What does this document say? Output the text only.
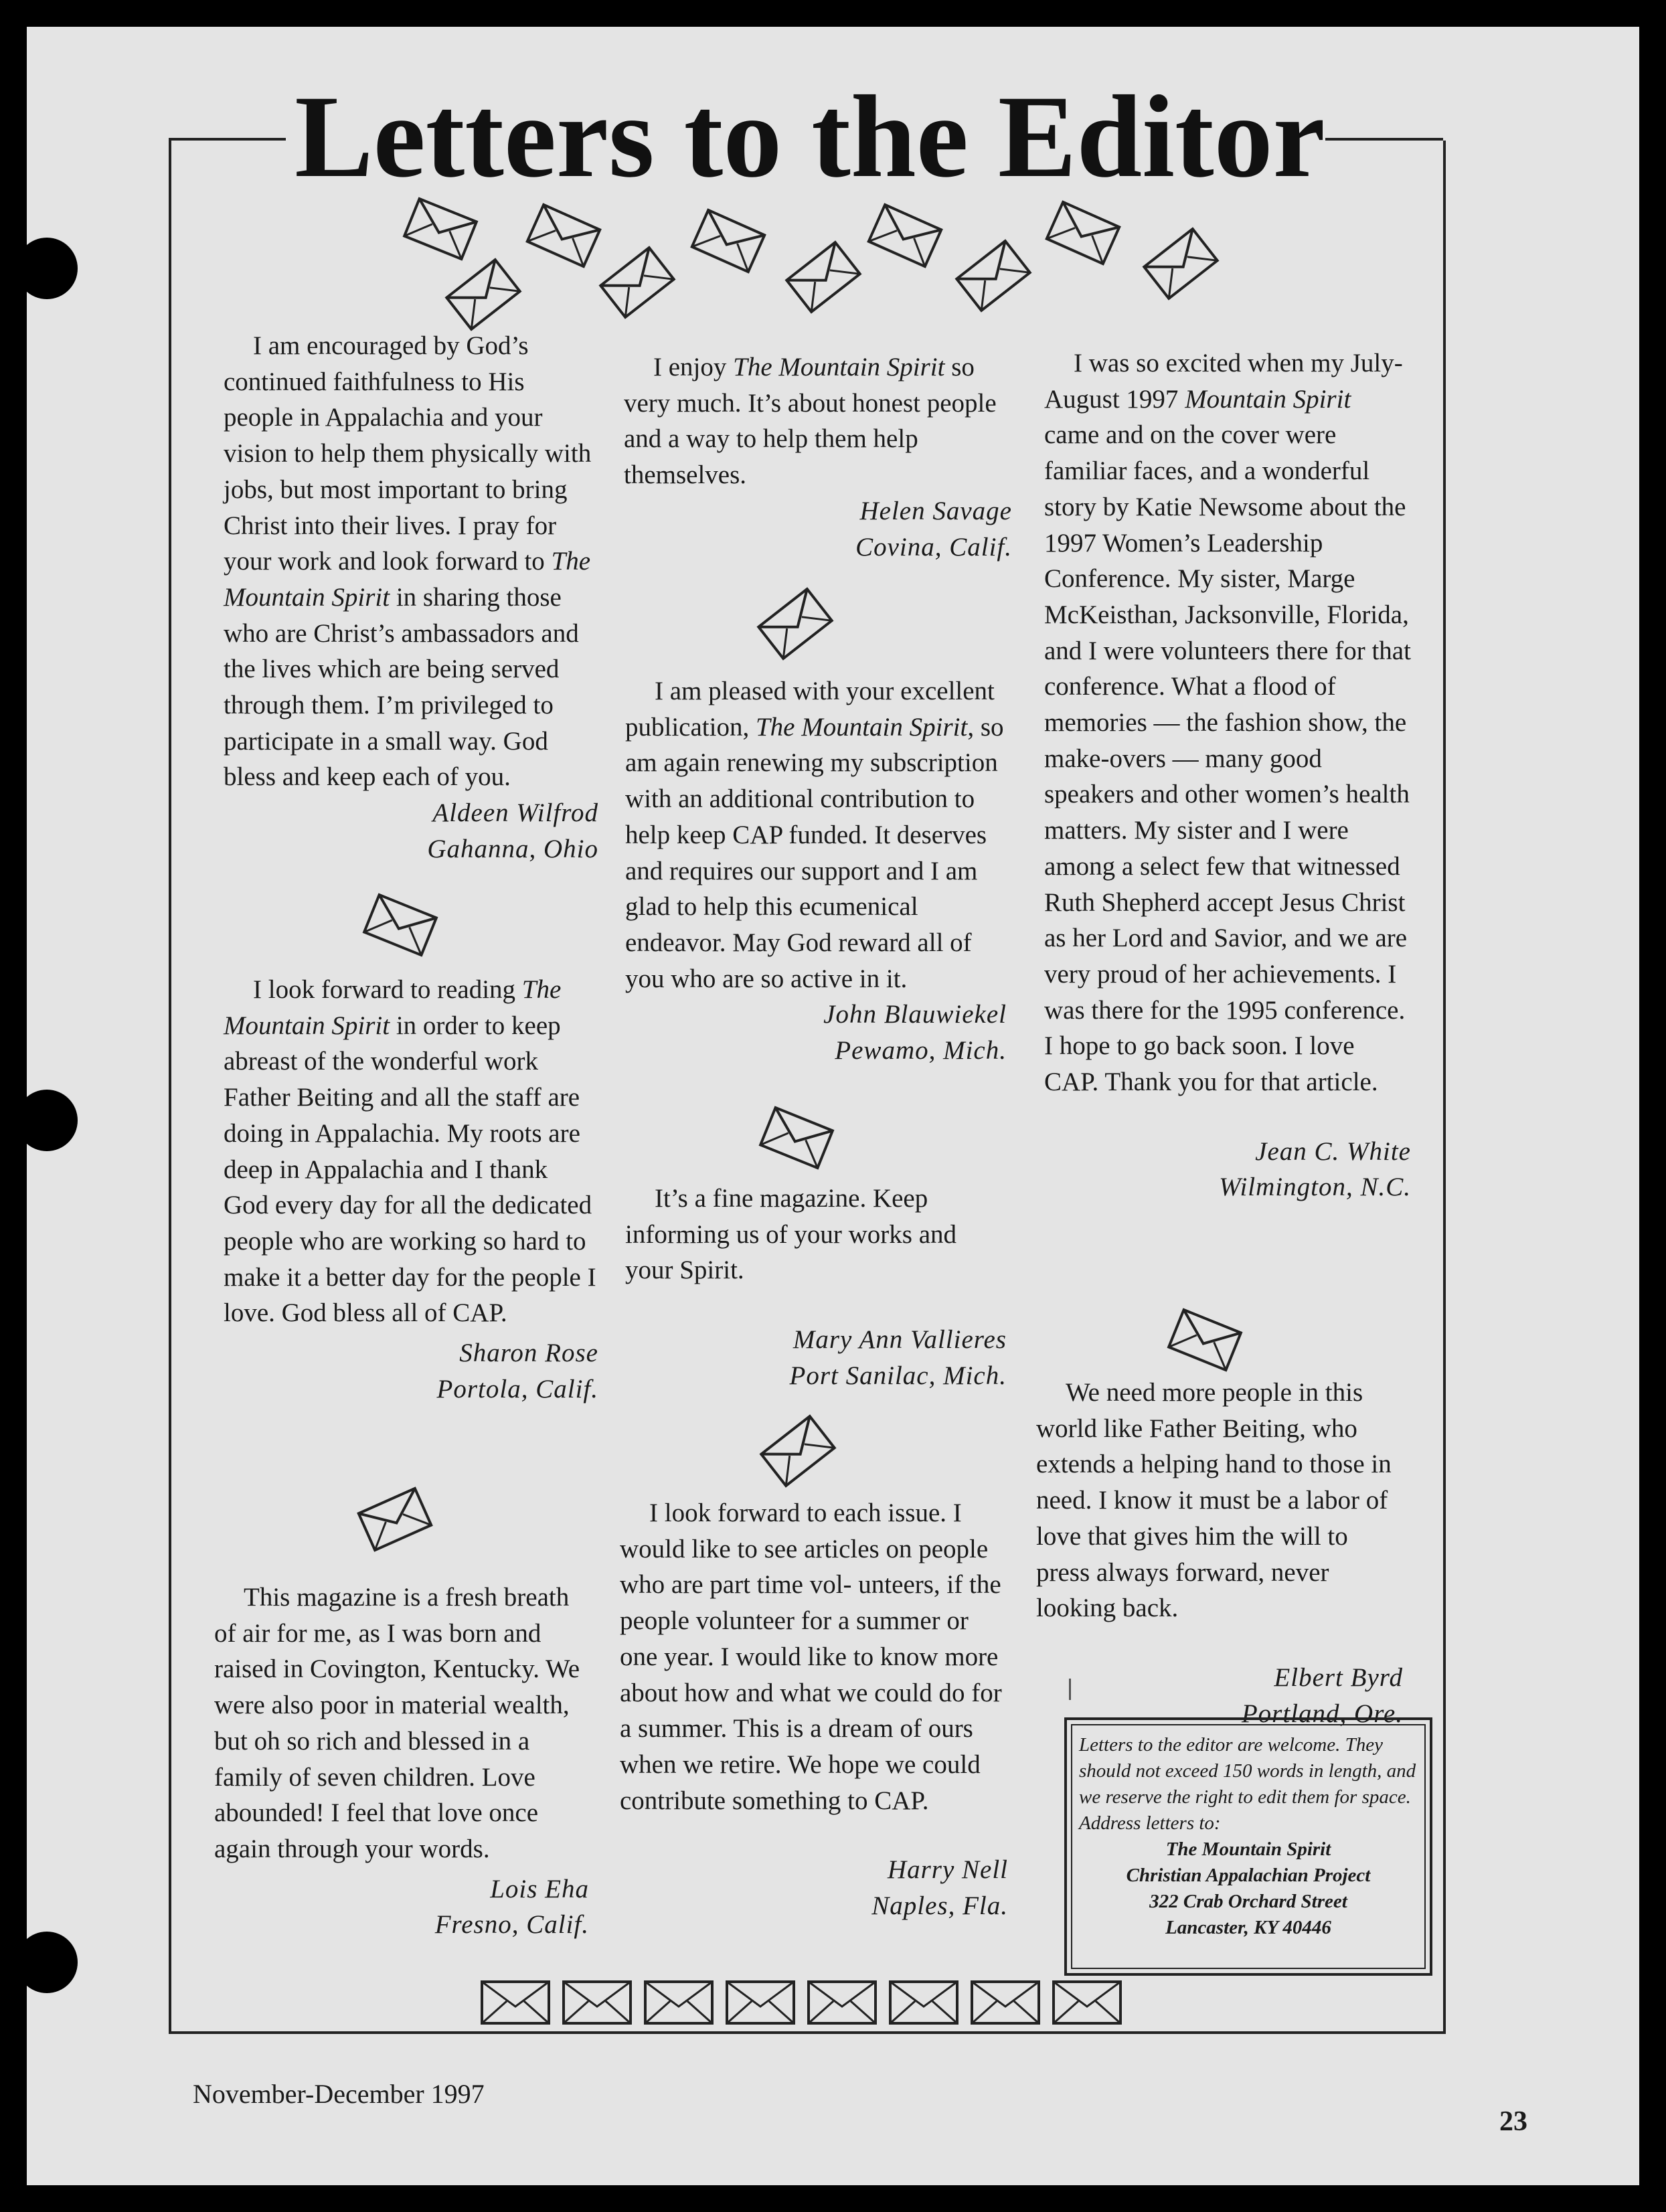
Letters to the Editor

I am encouraged by God’s continued faithfulness to His people in Appalachia and your vision to help them physically with jobs, but most important to bring Christ into their lives. I pray for your work and look forward to The Mountain Spirit in sharing those who are Christ’s ambassadors and the lives which are being served through them. I’m privileged to participate in a small way. God bless and keep each of you.

Aldeen Wilfrod
Gahanna, Ohio

I look forward to reading The Mountain Spirit in order to keep abreast of the wonderful work Father Beiting and all the staff are doing in Appalachia. My roots are deep in Appalachia and I thank God every day for all the dedicated people who are working so hard to make it a better day for the people I love. God bless all of CAP.

Sharon Rose
Portola, Calif.

This magazine is a fresh breath of air for me, as I was born and raised in Covington, Kentucky. We were also poor in material wealth, but oh so rich and blessed in a family of seven children. Love abounded! I feel that love once again through your words.

Lois Eha
Fresno, Calif.

I enjoy The Mountain Spirit so very much. It’s about honest people and a way to help them help themselves.

Helen Savage
Covina, Calif.

I am pleased with your excellent publication, The Mountain Spirit, so am again renewing my subscription with an additional contribution to help keep CAP funded. It deserves and requires our support and I am glad to help this ecumenical endeavor. May God reward all of you who are so active in it.

John Blauwiekel
Pewamo, Mich.

It’s a fine magazine. Keep informing us of your works and your Spirit.

Mary Ann Vallieres
Port Sanilac, Mich.

I look forward to each issue. I would like to see articles on people who are part time vol- unteers, if the people volunteer for a summer or one year. I would like to know more about how and what we could do for a summer. This is a dream of ours when we retire. We hope we could contribute something to CAP.

Harry Nell
Naples, Fla.

I was so excited when my July-August 1997 Mountain Spirit came and on the cover were familiar faces, and a wonderful story by Katie Newsome about the 1997 Women’s Leadership Conference. My sister, Marge McKeisthan, Jacksonville, Florida, and I were volunteers there for that conference. What a flood of memories — the fashion show, the make-overs — many good speakers and other women’s health matters. My sister and I were among a select few that witnessed Ruth Shepherd accept Jesus Christ as her Lord and Savior, and we are very proud of her achievements. I was there for the 1995 conference. I hope to go back soon. I love CAP. Thank you for that article.

Jean C. White
Wilmington, N.C.

We need more people in this world like Father Beiting, who extends a helping hand to those in need. I know it must be a labor of love that gives him the will to press always forward, never looking back.

Elbert Byrd
Portland, Ore.
Letters to the editor are welcome. They should not exceed 150 words in length, and we reserve the right to edit them for space. Address letters to:
The Mountain Spirit
Christian Appalachian Project
322 Crab Orchard Street
Lancaster, KY 40446
November-December 1997
23
